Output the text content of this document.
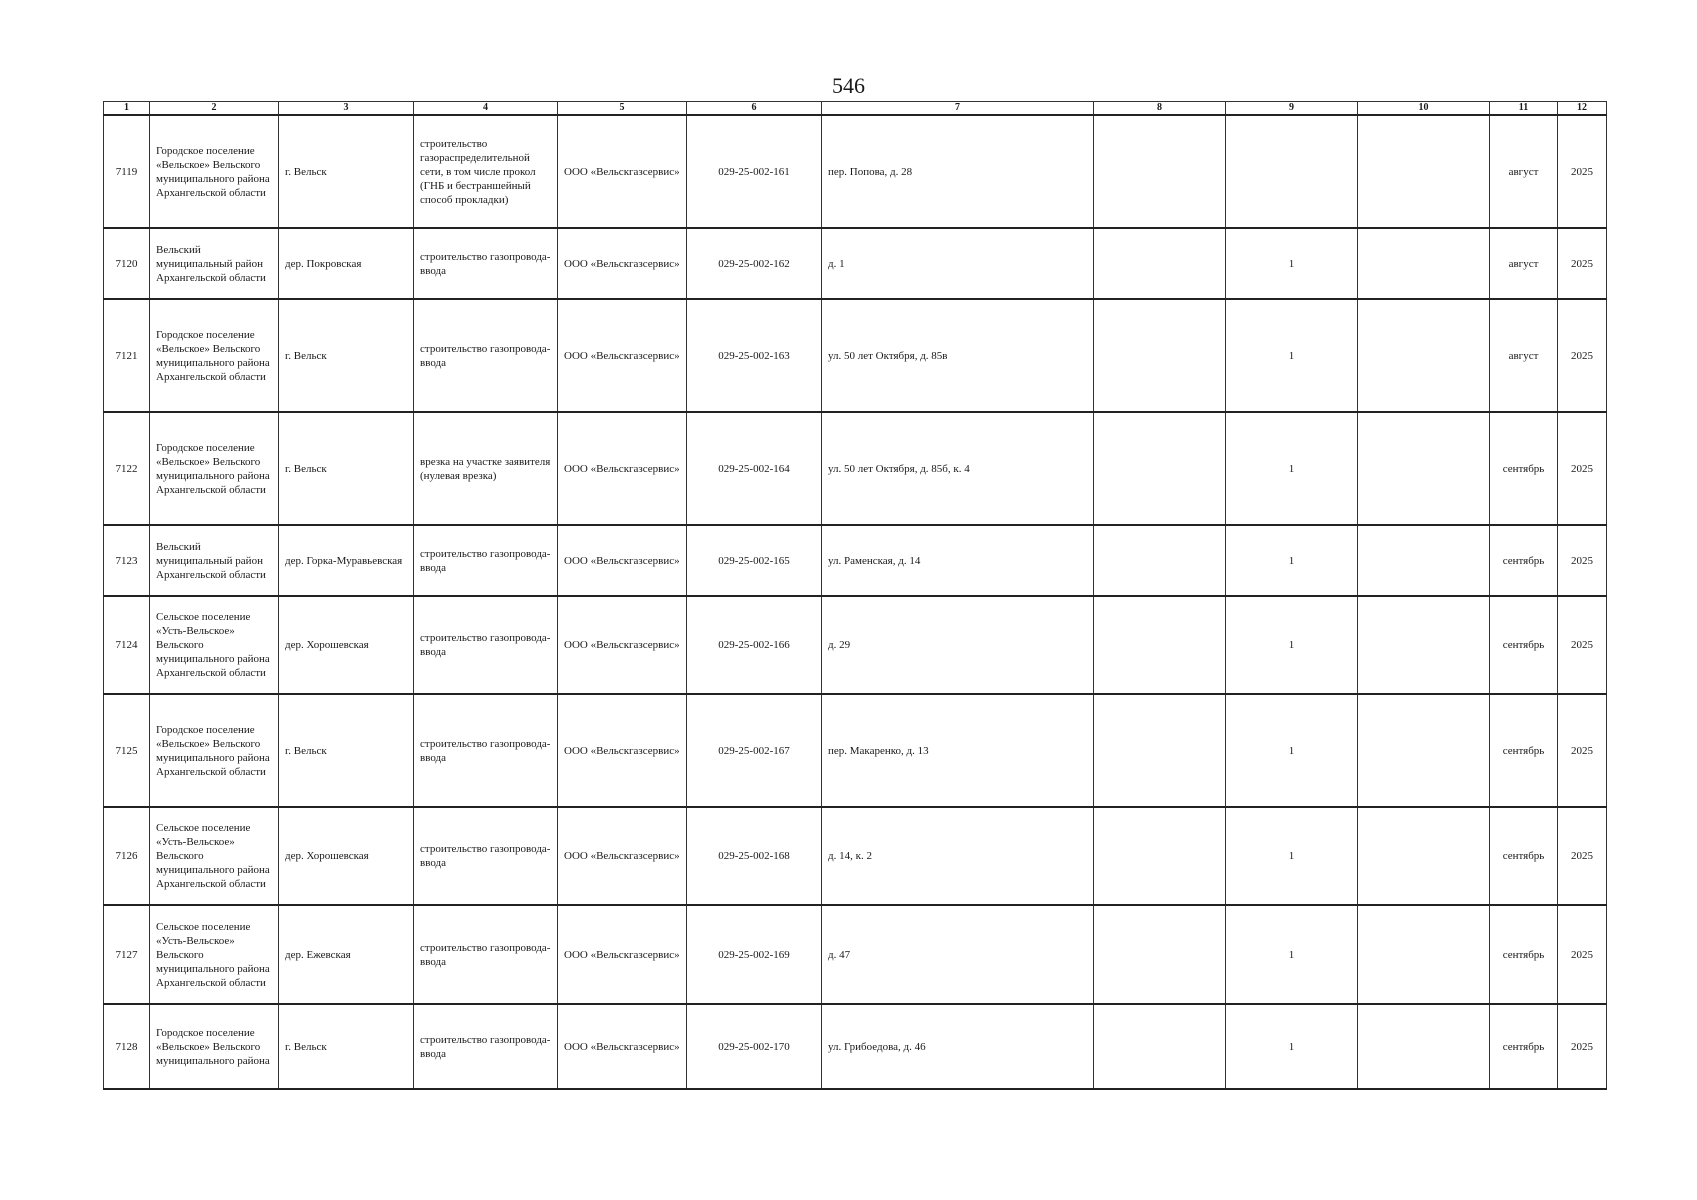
546
1	2	3	4	5	6	7	8	9	10	11	12
7119	Городское поселение «Вельское» Вельского муниципального района Архангельской области	г. Вельск	строительство газораспределительной сети, в том числе прокол (ГНБ и бестраншейный способ прокладки)	ООО «Вельскгазсервис»	029-25-002-161	пер. Попова, д. 28				август	2025
7120	Вельский муниципальный район Архангельской области	дер. Покровская	строительство газопровода-ввода	ООО «Вельскгазсервис»	029-25-002-162	д. 1		1		август	2025
7121	Городское поселение «Вельское» Вельского муниципального района Архангельской области	г. Вельск	строительство газопровода-ввода	ООО «Вельскгазсервис»	029-25-002-163	ул. 50 лет Октября, д. 85в		1		август	2025
7122	Городское поселение «Вельское» Вельского муниципального района Архангельской области	г. Вельск	врезка на участке заявителя (нулевая врезка)	ООО «Вельскгазсервис»	029-25-002-164	ул. 50 лет Октября, д. 85б, к. 4		1		сентябрь	2025
7123	Вельский муниципальный район Архангельской области	дер. Горка-Муравьевская	строительство газопровода-ввода	ООО «Вельскгазсервис»	029-25-002-165	ул. Раменская, д. 14		1		сентябрь	2025
7124	Сельское поселение «Усть-Вельское» Вельского муниципального района Архангельской области	дер. Хорошевская	строительство газопровода-ввода	ООО «Вельскгазсервис»	029-25-002-166	д. 29		1		сентябрь	2025
7125	Городское поселение «Вельское» Вельского муниципального района Архангельской области	г. Вельск	строительство газопровода-ввода	ООО «Вельскгазсервис»	029-25-002-167	пер. Макаренко, д. 13		1		сентябрь	2025
7126	Сельское поселение «Усть-Вельское» Вельского муниципального района Архангельской области	дер. Хорошевская	строительство газопровода-ввода	ООО «Вельскгазсервис»	029-25-002-168	д. 14, к. 2		1		сентябрь	2025
7127	Сельское поселение «Усть-Вельское» Вельского муниципального района Архангельской области	дер. Ежевская	строительство газопровода-ввода	ООО «Вельскгазсервис»	029-25-002-169	д. 47		1		сентябрь	2025
7128	Городское поселение «Вельское» Вельского муниципального района	г. Вельск	строительство газопровода-ввода	ООО «Вельскгазсервис»	029-25-002-170	ул. Грибоедова, д. 46		1		сентябрь	2025
